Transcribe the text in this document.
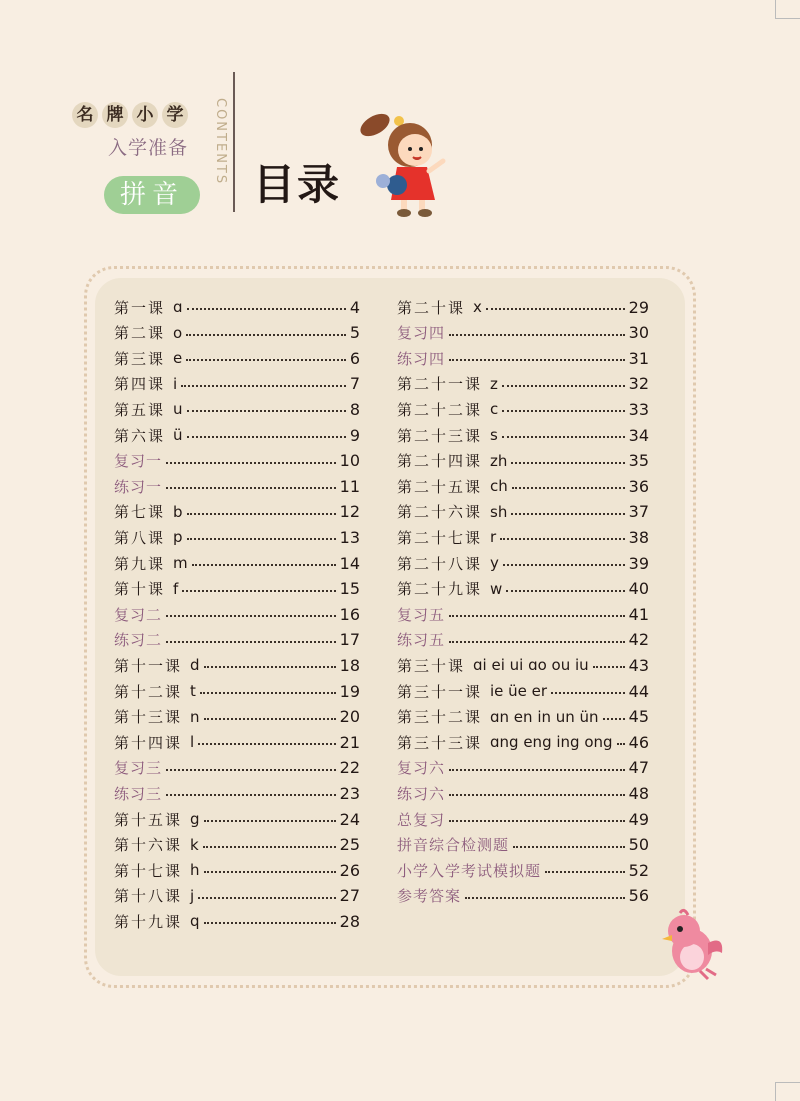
名 牌 小 学
入学准备
拼音
CONTENTS 目录
第一课 ɑ	4
第二课 o	5
第三课 e	6
第四课 i	7
第五课 u	8
第六课 ü	9
复习一	10
练习一	11
第七课 b	12
第八课 p	13
第九课 m	14
第十课 f	15
复习二	16
练习二	17
第十一课 d	18
第十二课 t	19
第十三课 n	20
第十四课 l	21
复习三	22
练习三	23
第十五课 g	24
第十六课 k	25
第十七课 h	26
第十八课 j	27
第十九课 q	28
第二十课 x	29
复习四	30
练习四	31
第二十一课 z	32
第二十二课 c	33
第二十三课 s	34
第二十四课 zh	35
第二十五课 ch	36
第二十六课 sh	37
第二十七课 r	38
第二十八课 y	39
第二十九课 w	40
复习五	41
练习五	42
第三十课 ɑi ei ui ɑo ou iu 43
第三十一课 ie üe er	44
第三十二课 ɑn en in un ün 45
第三十三课 ɑng eng ing ong 46
复习六	47
练习六	48
总复习	49
拼音综合检测题	50
小学入学考试模拟题	52
参考答案	56
